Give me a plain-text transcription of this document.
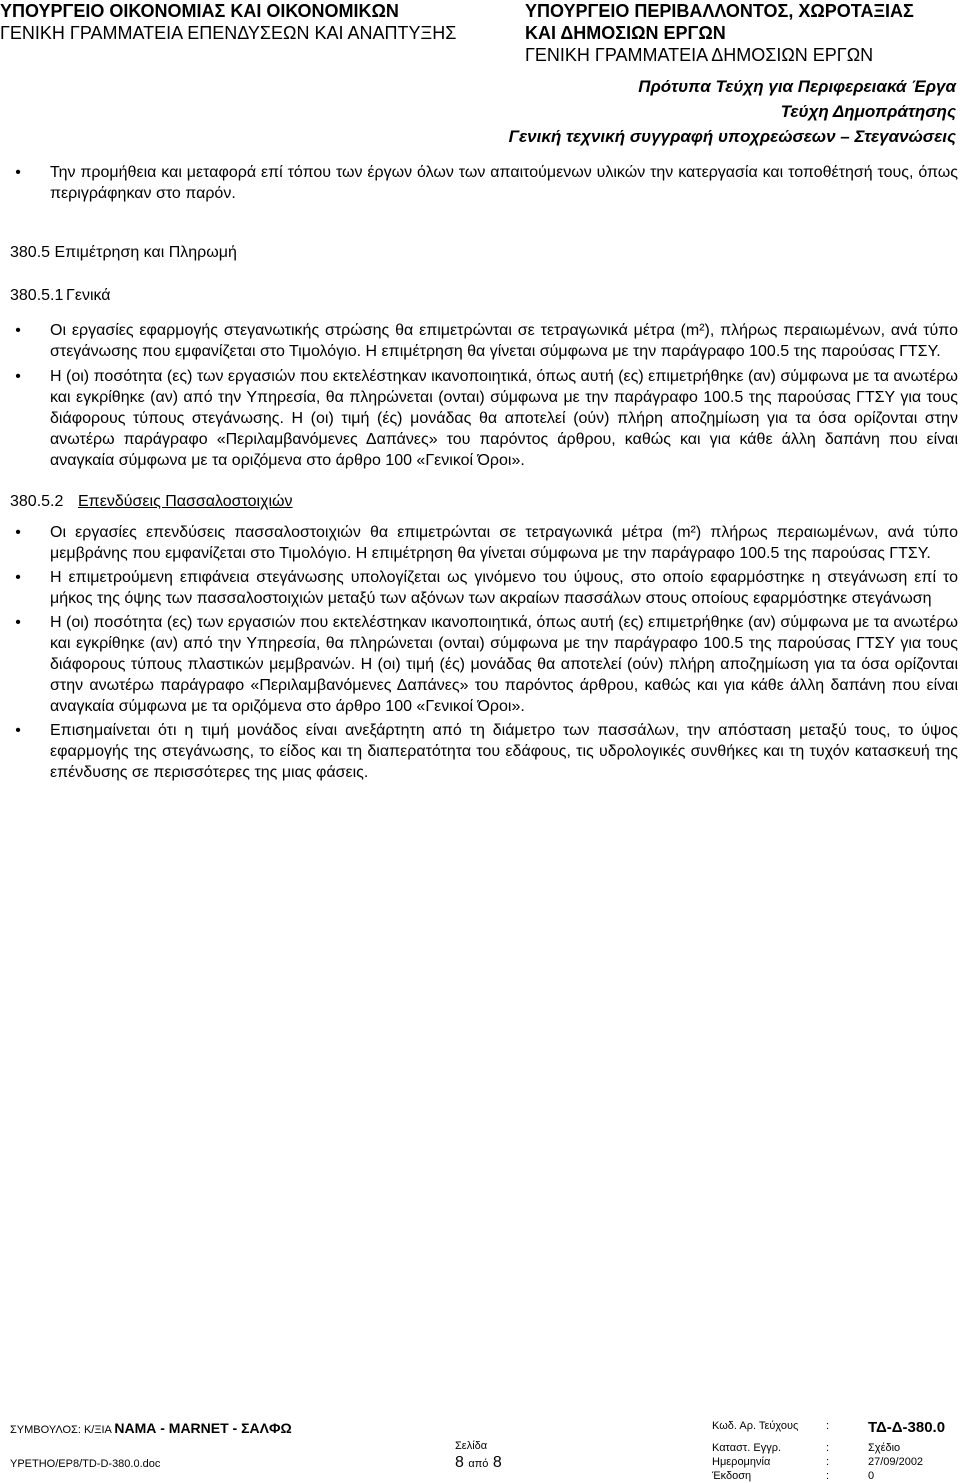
ΥΠΟΥΡΓΕΙΟ ΟΙΚΟΝΟΜΙΑΣ ΚΑΙ ΟΙΚΟΝΟΜΙΚΩΝ
ΓΕΝΙΚΗ ΓΡΑΜΜΑΤΕΙΑ ΕΠΕΝΔΥΣΕΩΝ ΚΑΙ ΑΝΑΠΤΥΞΗΣ
ΥΠΟΥΡΓΕΙΟ ΠΕΡΙΒΑΛΛΟΝΤΟΣ, ΧΩΡΟΤΑΞΙΑΣ
ΚΑΙ ΔΗΜΟΣΙΩΝ ΕΡΓΩΝ
ΓΕΝΙΚΗ ΓΡΑΜΜΑΤΕΙΑ ΔΗΜΟΣΙΩΝ ΕΡΓΩΝ
Πρότυπα Τεύχη για Περιφερειακά Έργα
Τεύχη Δημοπράτησης
Γενική τεχνική συγγραφή υποχρεώσεων – Στεγανώσεις
•	Την προμήθεια και μεταφορά επί τόπου των έργων όλων των απαιτούμενων υλικών την κατεργασία και τοποθέτησή τους, όπως περιγράφηκαν στο παρόν.
380.5 Επιμέτρηση και Πληρωμή
380.5.1 Γενικά
•	Οι εργασίες εφαρμογής στεγανωτικής στρώσης θα επιμετρώνται σε τετραγωνικά μέτρα (m²), πλήρως περαιωμένων, ανά τύπο στεγάνωσης που εμφανίζεται στο Τιμολόγιο. Η επιμέτρηση θα γίνεται σύμφωνα με την παράγραφο 100.5 της παρούσας ΓΤΣΥ.
•	Η (οι) ποσότητα (ες) των εργασιών που εκτελέστηκαν ικανοποιητικά, όπως αυτή (ες) επιμετρήθηκε (αν) σύμφωνα με τα ανωτέρω και εγκρίθηκε (αν) από την Υπηρεσία, θα πληρώνεται (ονται) σύμφωνα με την παράγραφο 100.5 της παρούσας ΓΤΣΥ για τους διάφορους τύπους στεγάνωσης. Η (οι) τιμή (ές) μονάδας θα αποτελεί (ούν) πλήρη αποζημίωση για τα όσα ορίζονται στην ανωτέρω παράγραφο «Περιλαμβανόμενες Δαπάνες» του παρόντος άρθρου, καθώς και για κάθε άλλη δαπάνη που είναι αναγκαία σύμφωνα με τα οριζόμενα στο άρθρο 100 «Γενικοί Όροι».
380.5.2 Επενδύσεις Πασσαλοστοιχιών
•	Οι εργασίες επενδύσεις πασσαλοστοιχιών θα επιμετρώνται σε τετραγωνικά μέτρα (m²) πλήρως περαιωμένων, ανά τύπο μεμβράνης που εμφανίζεται στο Τιμολόγιο. Η επιμέτρηση θα γίνεται σύμφωνα με την παράγραφο 100.5 της παρούσας ΓΤΣΥ.
•	Η επιμετρούμενη επιφάνεια στεγάνωσης υπολογίζεται ως γινόμενο του ύψους, στο οποίο εφαρμόστηκε η στεγάνωση επί το μήκος της όψης των πασσαλοστοιχιών μεταξύ των αξόνων των ακραίων πασσάλων στους οποίους εφαρμόστηκε στεγάνωση
•	Η (οι) ποσότητα (ες) των εργασιών που εκτελέστηκαν ικανοποιητικά, όπως αυτή (ες) επιμετρήθηκε (αν) σύμφωνα με τα ανωτέρω και εγκρίθηκε (αν) από την Υπηρεσία, θα πληρώνεται (ονται) σύμφωνα με την παράγραφο 100.5 της παρούσας ΓΤΣΥ για τους διάφορους τύπους πλαστικών μεμβρανών. Η (οι) τιμή (ές) μονάδας θα αποτελεί (ούν) πλήρη αποζημίωση για τα όσα ορίζονται στην ανωτέρω παράγραφο «Περιλαμβανόμενες Δαπάνες» του παρόντος άρθρου, καθώς και για κάθε άλλη δαπάνη που είναι αναγκαία σύμφωνα με τα οριζόμενα στο άρθρο 100 «Γενικοί Όροι».
•	Επισημαίνεται ότι η τιμή μονάδος είναι ανεξάρτητη από τη διάμετρο των πασσάλων, την απόσταση μεταξύ τους, το ύψος εφαρμογής της στεγάνωσης, το είδος και τη διαπερατότητα του εδάφους, τις υδρολογικές συνθήκες και τη τυχόν κατασκευή της επένδυσης σε περισσότερες της μιας φάσεις.
ΣΥΜΒΟΥΛΟΣ: Κ/ΞΙΑ ΝΑΜΑ - MARNET - ΣΑΛΦΩ
ΥΡΕΤΗΟ/ΕΡ8/ΤD-D-380.0.doc
Σελίδα
8 από 8
Κωδ. Αρ. Τεύχους	:	ΤΔ-Δ-380.0
Καταστ. Εγγρ.	:	Σχέδιο
Ημερομηνία	:	27/09/2002
Έκδοση	:	0
